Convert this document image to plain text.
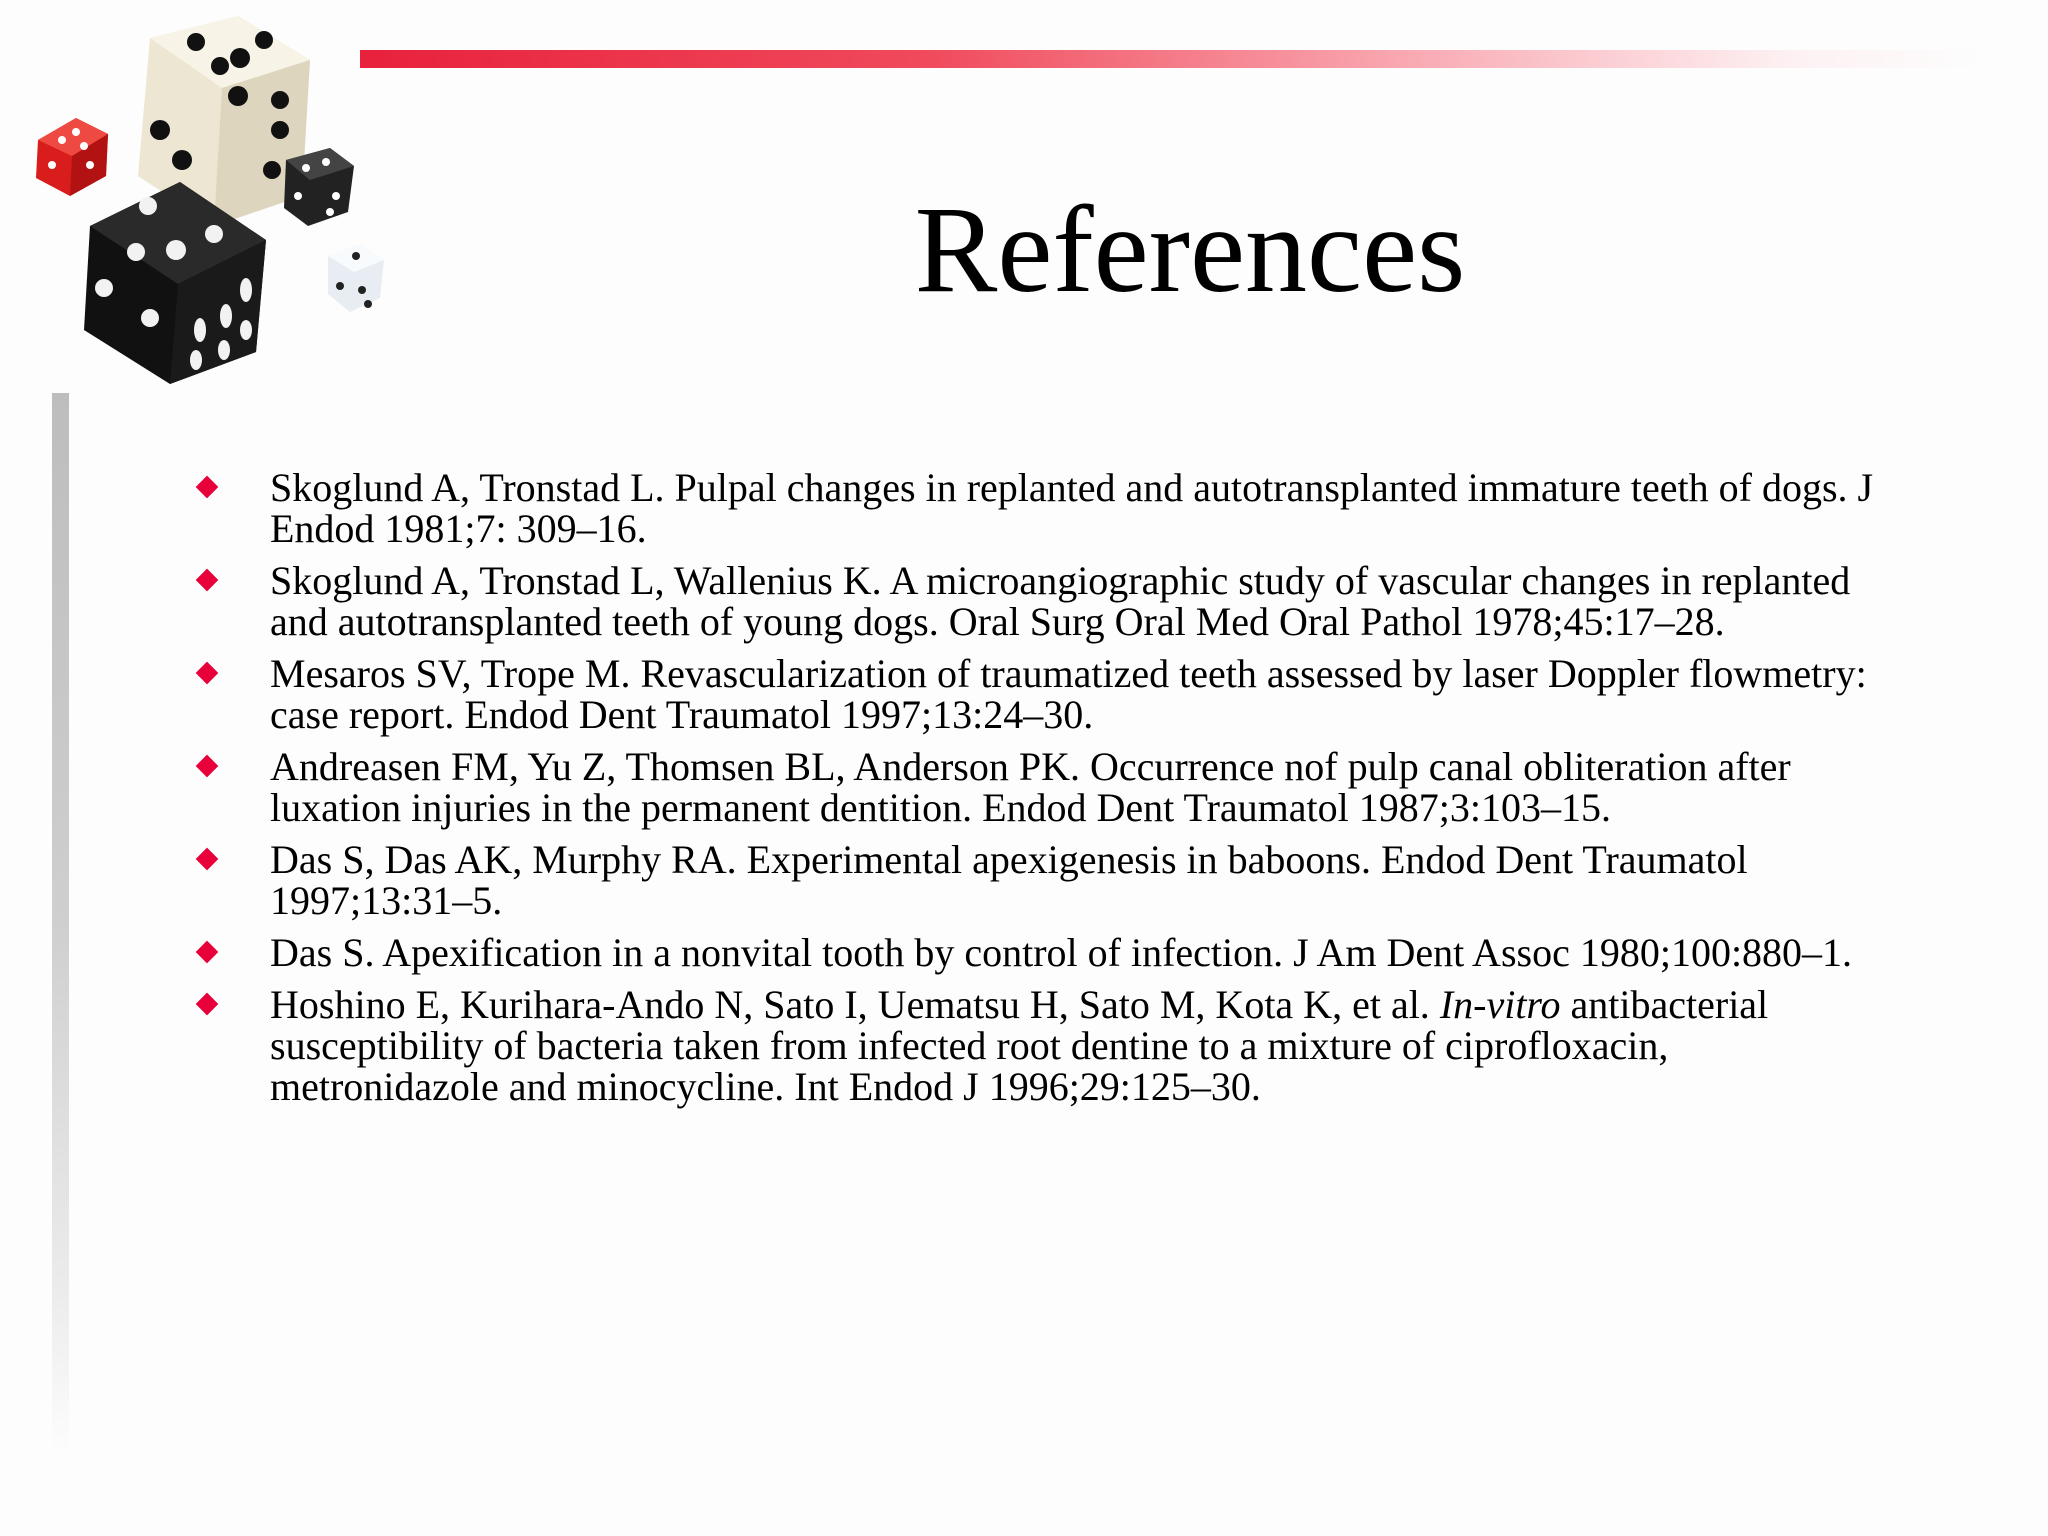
References
Skoglund A, Tronstad L. Pulpal changes in replanted and autotransplanted immature teeth of dogs. J Endod 1981;7: 309–16.
Skoglund A, Tronstad L, Wallenius K. A microangiographic study of vascular changes in replanted and autotransplanted teeth of young dogs. Oral Surg Oral Med Oral Pathol 1978;45:17–28.
Mesaros SV, Trope M. Revascularization of traumatized teeth assessed by laser Doppler flowmetry: case report. Endod Dent Traumatol 1997;13:24–30.
Andreasen FM, Yu Z, Thomsen BL, Anderson PK. Occurrence nof pulp canal obliteration after luxation injuries in the permanent dentition. Endod Dent Traumatol 1987;3:103–15.
Das S, Das AK, Murphy RA. Experimental apexigenesis in baboons. Endod Dent Traumatol 1997;13:31–5.
Das S. Apexification in a nonvital tooth by control of infection. J Am Dent Assoc 1980;100:880–1.
Hoshino E, Kurihara-Ando N, Sato I, Uematsu H, Sato M, Kota K, et al. In-vitro antibacterial susceptibility of bacteria taken from infected root dentine to a mixture of ciprofloxacin, metronidazole and minocycline. Int Endod J 1996;29:125–30.
